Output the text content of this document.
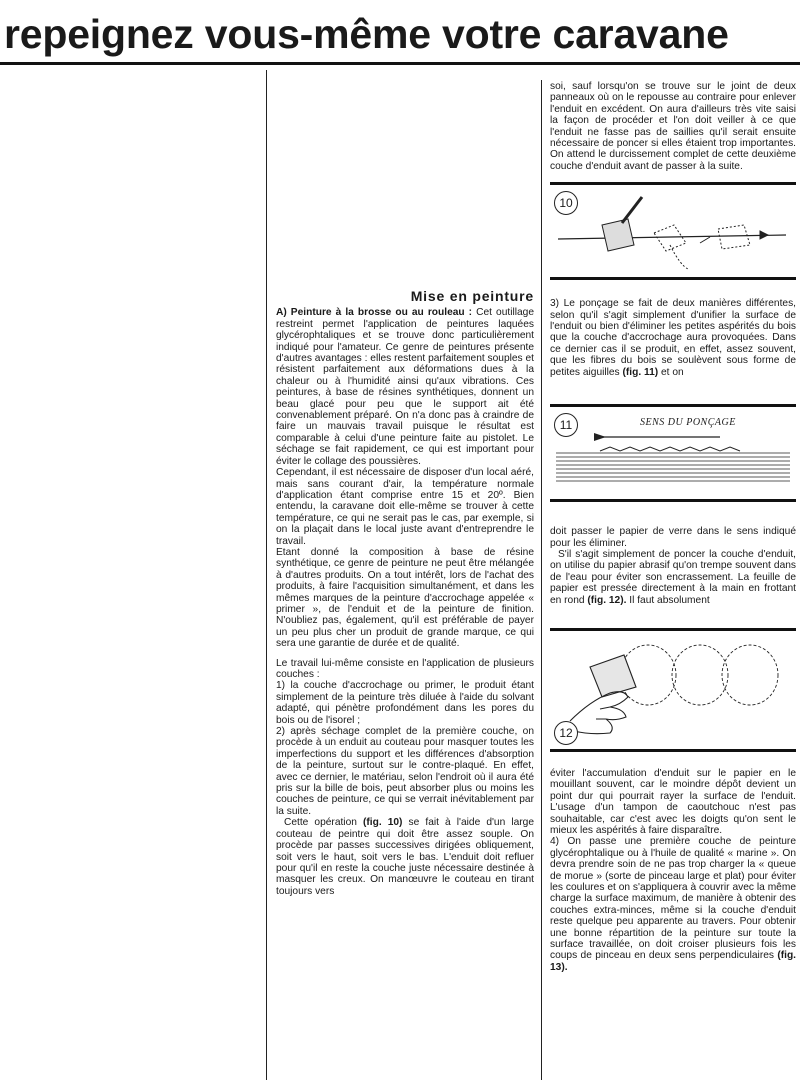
repeignez vous-même votre caravane
Mise en peinture

A) Peinture à la brosse ou au rouleau : Cet outillage restreint permet l'application de peintures laquées glycérophtaliques et se trouve donc particulièrement indiqué pour l'amateur. Ce genre de peintures présente d'autres avantages : elles restent parfaitement souples et résistent parfaitement aux déformations dues à la chaleur ou à l'humidité ainsi qu'aux vibrations. Ces peintures, à base de résines synthétiques, donnent un beau glacé pour peu que le support ait été convenablement préparé. On n'a donc pas à craindre de faire un mauvais travail puisque le résultat est comparable à celui d'une peinture faite au pistolet. Le séchage se fait rapidement, ce qui est important pour éviter le collage des poussières.

Cependant, il est nécessaire de disposer d'un local aéré, mais sans courant d'air, la température normale d'application étant comprise entre 15 et 20º. Bien entendu, la caravane doit elle-même se trouver à cette température, ce qui ne serait pas le cas, par exemple, si on la plaçait dans le local juste avant d'entreprendre le travail.

Etant donné la composition à base de résine synthétique, ce genre de peinture ne peut être mélangée à d'autres produits. On a tout intérêt, lors de l'achat des produits, à faire l'acquisition simultanément, et dans les mêmes marques de la peinture d'accrochage appelée « primer », de l'enduit et de la peinture de finition. N'oubliez pas, également, qu'il est préférable de payer un peu plus cher un produit de grande marque, ce qui sera une garantie de durée et de qualité.

Le travail lui-même consiste en l'application de plusieurs couches :

1) la couche d'accrochage ou primer, le produit étant simplement de la peinture très diluée à l'aide du solvant adapté, qui pénètre profondément dans les pores du bois ou de l'isorel ;

2) après séchage complet de la première couche, on procède à un enduit au couteau pour masquer toutes les imperfections du support et les différences d'absorption de la peinture, surtout sur le contre-plaqué. En effet, avec ce dernier, le matériau, selon l'endroit où il aura été pris sur la bille de bois, peut absorber plus ou moins les couches de peinture, ce qui se verrait inévitablement par la suite.

Cette opération (fig. 10) se fait à l'aide d'un large couteau de peintre qui doit être assez souple. On procède par passes successives dirigées obliquement, soit vers le haut, soit vers le bas. L'enduit doit refluer pour qu'il en reste la couche juste nécessaire destinée à masquer les creux. On manœuvre le couteau en tirant toujours vers

soi, sauf lorsqu'on se trouve sur le joint de deux panneaux où on le repousse au contraire pour enlever l'enduit en excédent. On aura d'ailleurs très vite saisi la façon de procéder et l'on doit veiller à ce que l'enduit ne fasse pas de saillies qu'il serait ensuite nécessaire de poncer si elles étaient trop importantes. On attend le durcissement complet de cette deuxième couche d'enduit avant de passer à la suite.

10

3) Le ponçage se fait de deux manières différentes, selon qu'il s'agit simplement d'unifier la surface de l'enduit ou bien d'éliminer les petites aspérités du bois que la couche d'accrochage aura provoquées. Dans ce dernier cas il se produit, en effet, assez souvent, que les fibres du bois se soulèvent sous forme de petites aiguilles (fig. 11) et on

11	SENS DU PONÇAGE

doit passer le papier de verre dans le sens indiqué pour les éliminer.

S'il s'agit simplement de poncer la couche d'enduit, on utilise du papier abrasif qu'on trempe souvent dans de l'eau pour éviter son encrassement. La feuille de papier est pressée directement à la main en frottant en rond (fig. 12). Il faut absolument

12

éviter l'accumulation d'enduit sur le papier en le mouillant souvent, car le moindre dépôt devient un point dur qui pourrait rayer la surface de l'enduit. L'usage d'un tampon de caoutchouc n'est pas souhaitable, car c'est avec les doigts qu'on sent le mieux les aspérités à faire disparaître.

4) On passe une première couche de peinture glycérophtalique ou à l'huile de qualité « marine ». On devra prendre soin de ne pas trop charger la « queue de morue » (sorte de pinceau large et plat) pour éviter les coulures et on s'appliquera à couvrir avec la même charge la surface maximum, de manière à obtenir des couches extra-minces, même si la couche d'enduit reste quelque peu apparente au travers. Pour obtenir une bonne répartition de la peinture sur toute la surface travaillée, on doit croiser plusieurs fois les coups de pinceau en deux sens perpendiculaires (fig. 13).
